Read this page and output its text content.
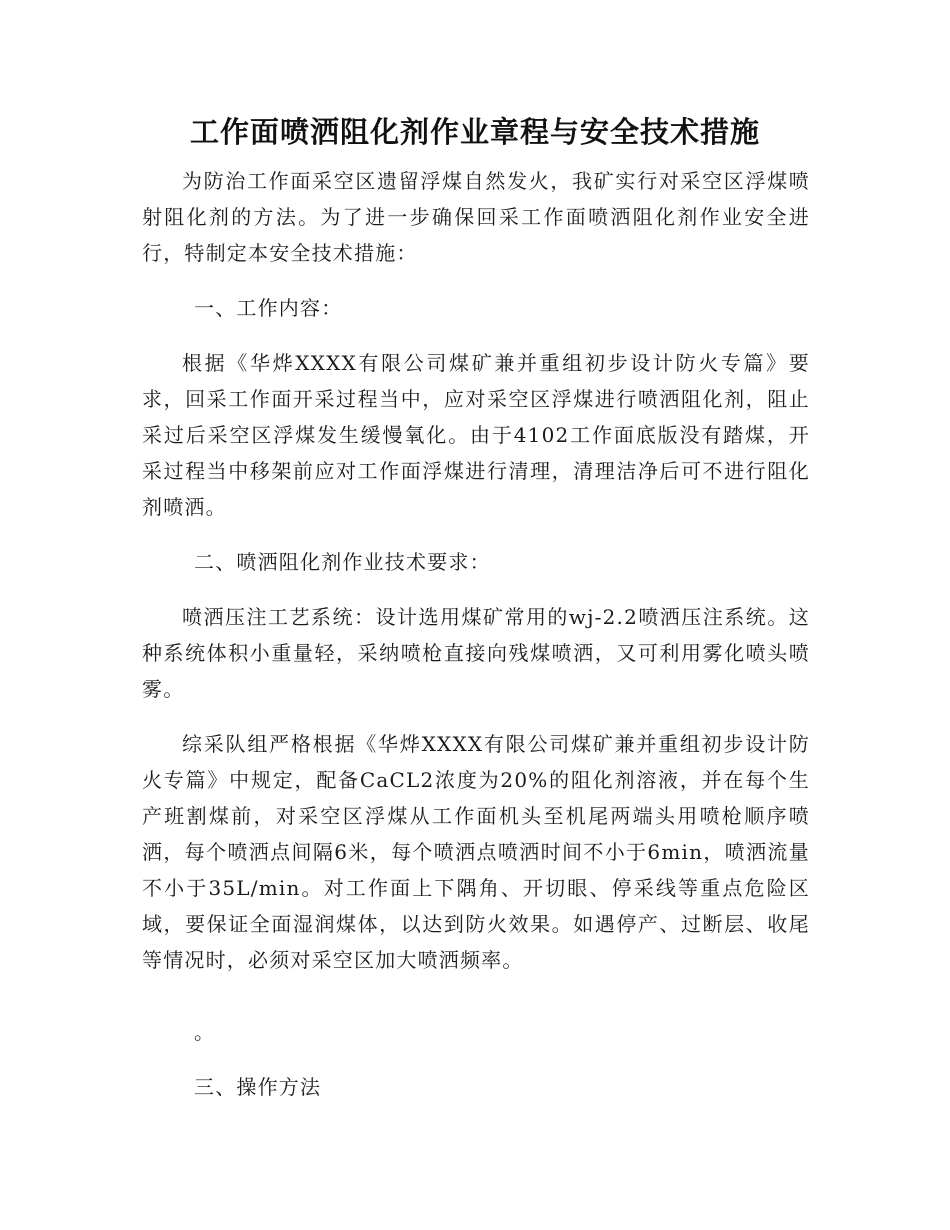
工作面喷洒阻化剂作业章程与安全技术措施

为防治工作面采空区遗留浮煤自然发火，我矿实行对采空区浮煤喷射阻化剂的方法。为了进一步确保回采工作面喷洒阻化剂作业安全进行，特制定本安全技术措施：

一、工作内容：

根据《华烨XXXX有限公司煤矿兼并重组初步设计防火专篇》要求，回采工作面开采过程当中，应对采空区浮煤进行喷洒阻化剂，阻止采过后采空区浮煤发生缓慢氧化。由于4102工作面底版没有踏煤，开采过程当中移架前应对工作面浮煤进行清理，清理洁净后可不进行阻化剂喷洒。

二、喷洒阻化剂作业技术要求：

喷洒压注工艺系统：设计选用煤矿常用的wj-2.2喷洒压注系统。这种系统体积小重量轻，采纳喷枪直接向残煤喷洒，又可利用雾化喷头喷雾。

综采队组严格根据《华烨XXXX有限公司煤矿兼并重组初步设计防火专篇》中规定，配备CaCL2浓度为20%的阻化剂溶液，并在每个生产班割煤前，对采空区浮煤从工作面机头至机尾两端头用喷枪顺序喷洒，每个喷洒点间隔6米，每个喷洒点喷洒时间不小于6min，喷洒流量不小于35L/min。对工作面上下隅角、开切眼、停采线等重点危险区域，要保证全面湿润煤体，以达到防火效果。如遇停产、过断层、收尾等情况时，必须对采空区加大喷洒频率。

。

三、操作方法
